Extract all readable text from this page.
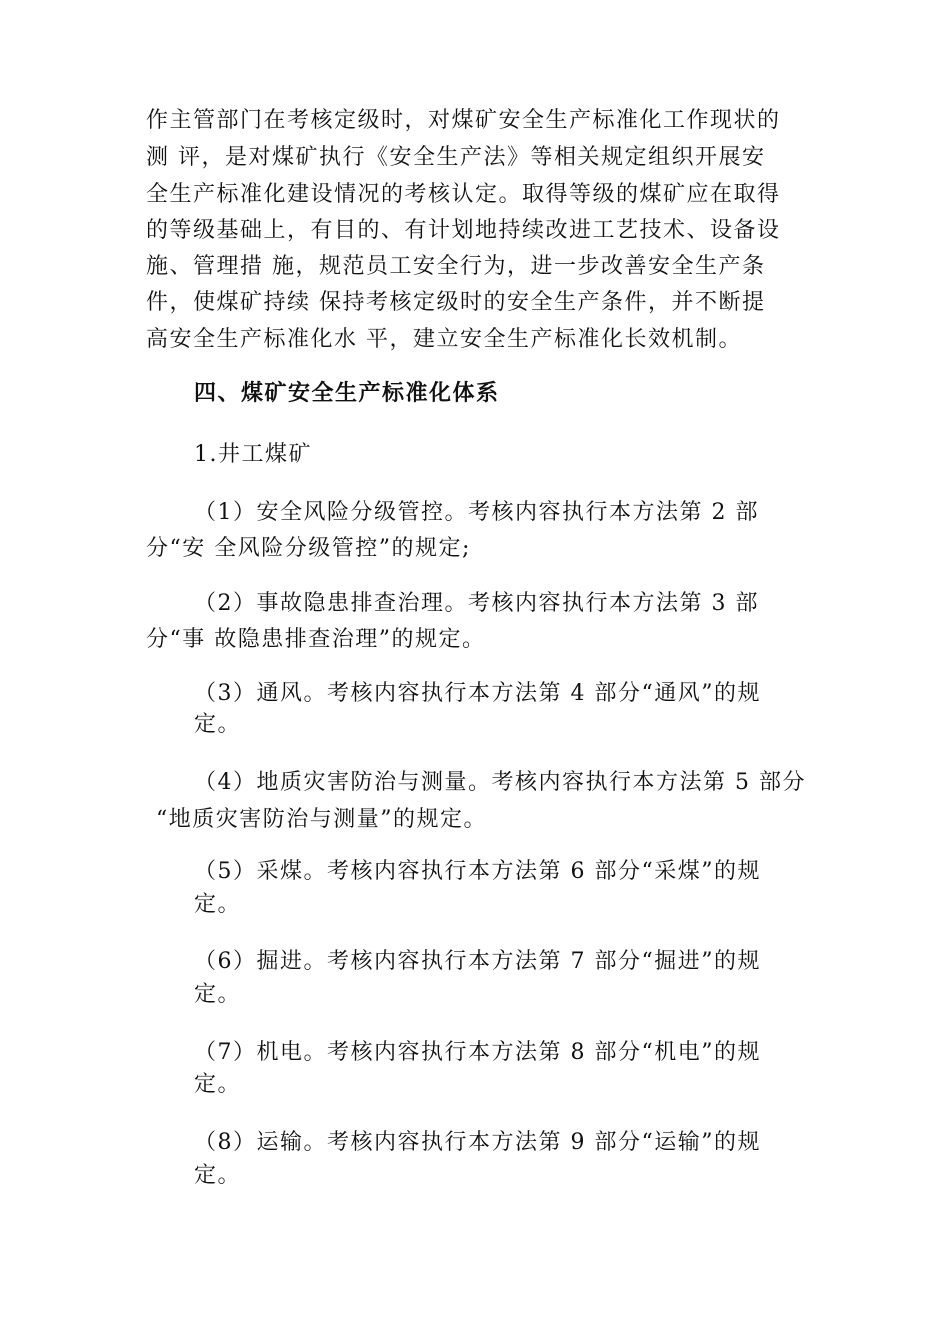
作主管部门在考核定级时，对煤矿安全生产标准化工作现状的
测 评，是对煤矿执行《安全生产法》等相关规定组织开展安
全生产标准化建设情况的考核认定。取得等级的煤矿应在取得
的等级基础上，有目的、有计划地持续改进工艺技术、设备设
施、管理措 施，规范员工安全行为，进一步改善安全生产条
件，使煤矿持续 保持考核定级时的安全生产条件，并不断提
高安全生产标准化水 平，建立安全生产标准化长效机制。
四、煤矿安全生产标准化体系
1.井工煤矿
（1）安全风险分级管控。考核内容执行本方法第 2 部
分“安 全风险分级管控”的规定;
（2）事故隐患排查治理。考核内容执行本方法第 3 部
分“事 故隐患排查治理”的规定。
（3）通风。考核内容执行本方法第 4 部分“通风”的规
定。
（4）地质灾害防治与测量。考核内容执行本方法第 5 部分
“地质灾害防治与测量”的规定。
（5）采煤。考核内容执行本方法第 6 部分“采煤”的规
定。
（6）掘进。考核内容执行本方法第 7 部分“掘进”的规
定。
（7）机电。考核内容执行本方法第 8 部分“机电”的规
定。
（8）运输。考核内容执行本方法第 9 部分“运输”的规
定。
